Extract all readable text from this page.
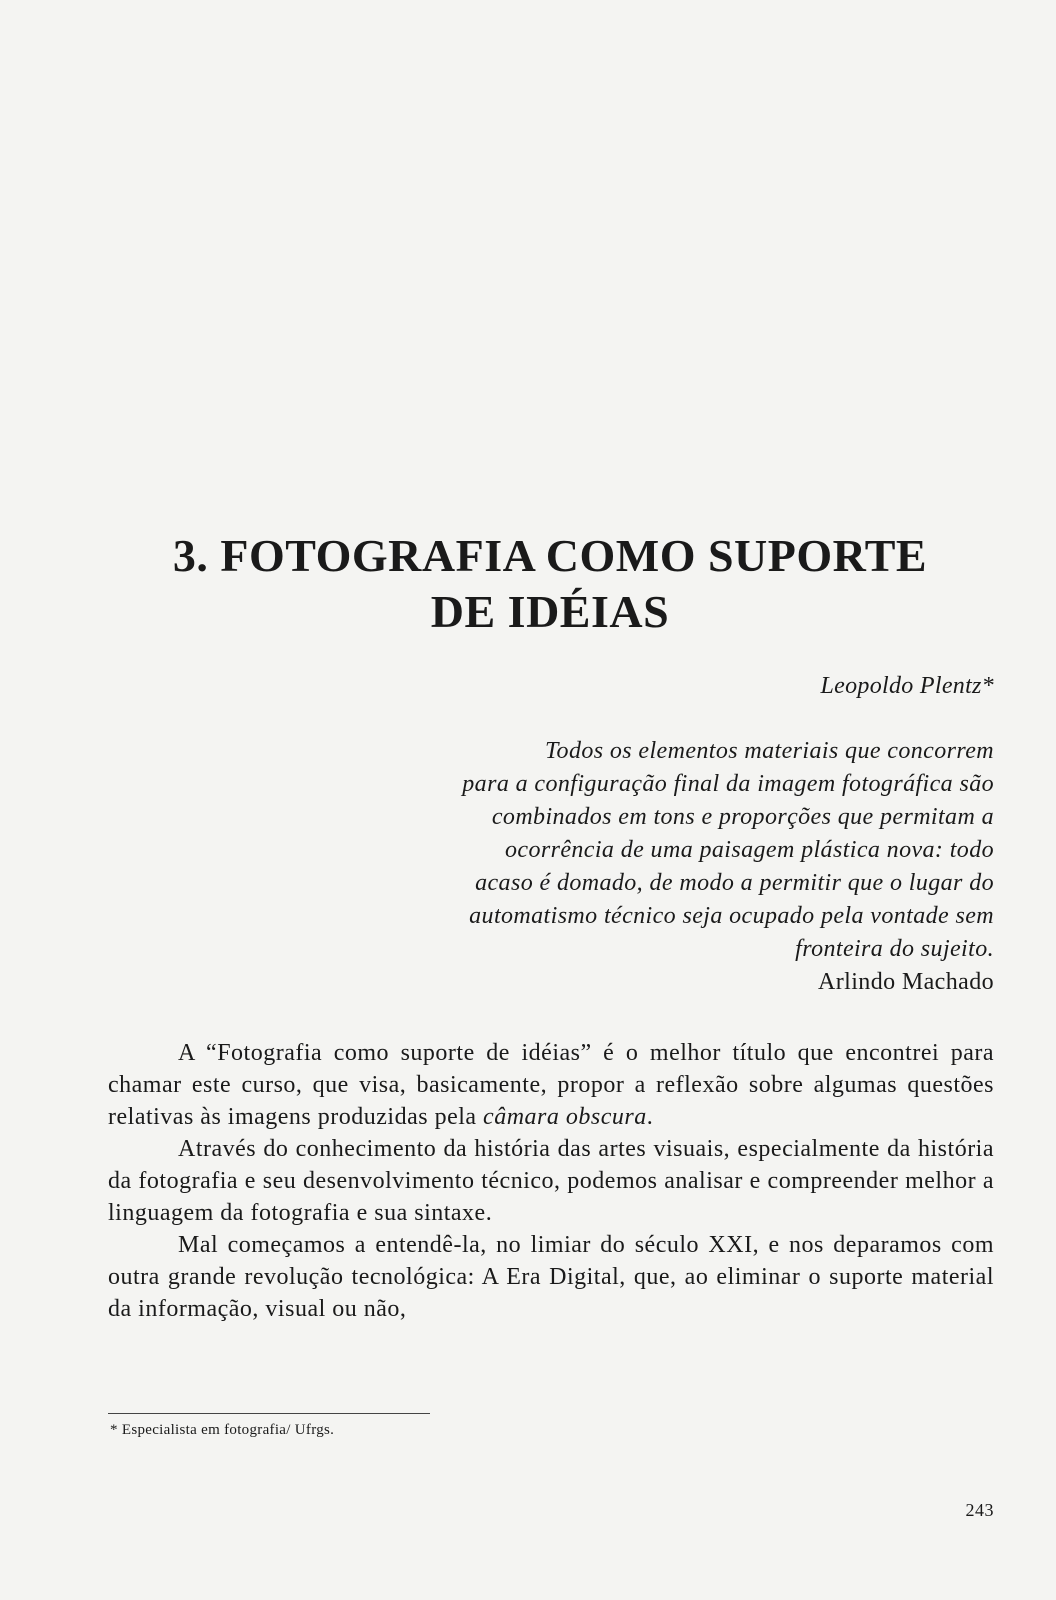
3. FOTOGRAFIA COMO SUPORTE
DE IDÉIAS
Leopoldo Plentz*
Todos os elementos materiais que concorrem
para a configuração final da imagem fotográfica são
combinados em tons e proporções que permitam a
ocorrência de uma paisagem plástica nova: todo
acaso é domado, de modo a permitir que o lugar do
automatismo técnico seja ocupado pela vontade sem
fronteira do sujeito.
Arlindo Machado

A “Fotografia como suporte de idéias” é o melhor título que encontrei para chamar este curso, que visa, basicamente, propor a reflexão sobre algumas questões relativas às imagens produzidas pela câmara obscura.

Através do conhecimento da história das artes visuais, especialmente da história da fotografia e seu desenvolvimento técnico, podemos analisar e compreender melhor a linguagem da fotografia e sua sintaxe.

Mal começamos a entendê-la, no limiar do século XXI, e nos deparamos com outra grande revolução tecnológica: A Era Digital, que, ao eliminar o suporte material da informação, visual ou não,

* Especialista em fotografia/ Ufrgs.
243
